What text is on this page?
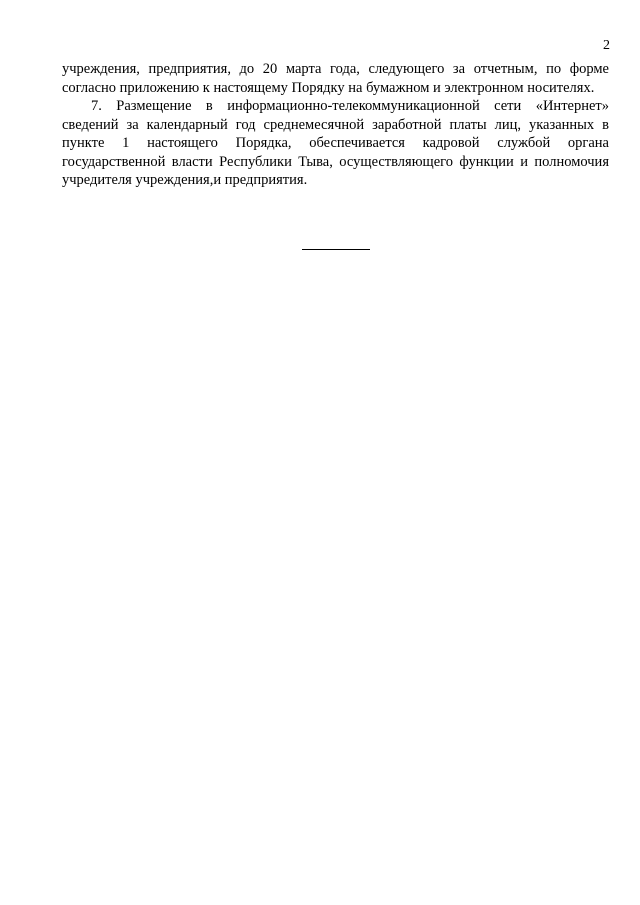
2

учреждения, предприятия, до 20 марта года, следующего за отчетным, по форме согласно приложению к настоящему Порядку на бумажном и электронном носителях.

7. Размещение в информационно-телекоммуникационной сети «Интернет» сведений за календарный год среднемесячной заработной платы лиц, указанных в пункте 1 настоящего Порядка, обеспечивается кадровой службой органа государственной власти Республики Тыва, осуществляющего функции и полномочия учредителя учреждения,и предприятия.
